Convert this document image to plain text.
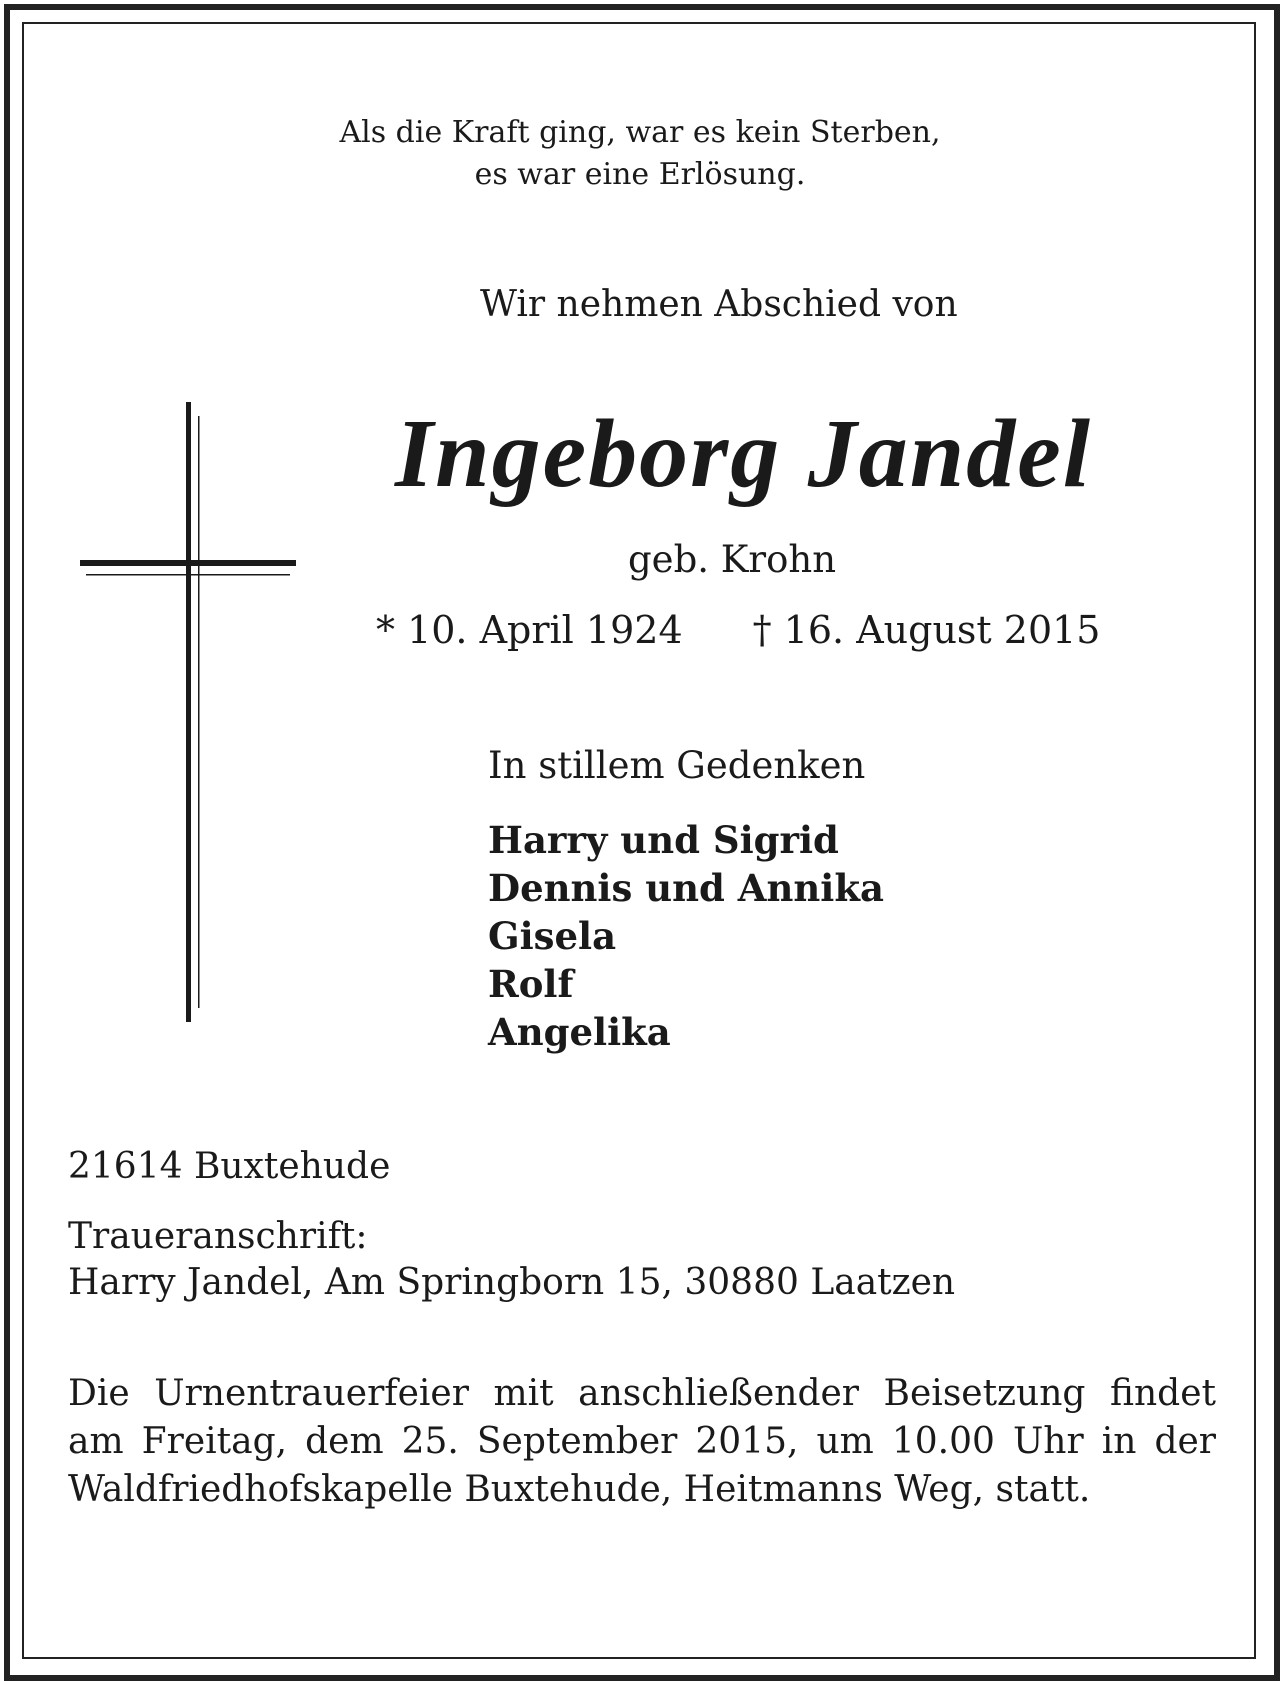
Als die Kraft ging, war es kein Sterben,
es war eine Erlösung.
Wir nehmen Abschied von
Ingeborg Jandel
geb. Krohn
* 10. April 1924 † 16. August 2015
In stillem Gedenken
Harry und Sigrid
Dennis und Annika
Gisela
Rolf
Angelika
21614 Buxtehude
Traueranschrift:
Harry Jandel, Am Springborn 15, 30880 Laatzen
Die Urnentrauerfeier mit anschließender Beisetzung findet am Freitag, dem 25. September 2015, um 10.00 Uhr in der Waldfriedhofskapelle Buxtehude, Heitmanns Weg, statt.
